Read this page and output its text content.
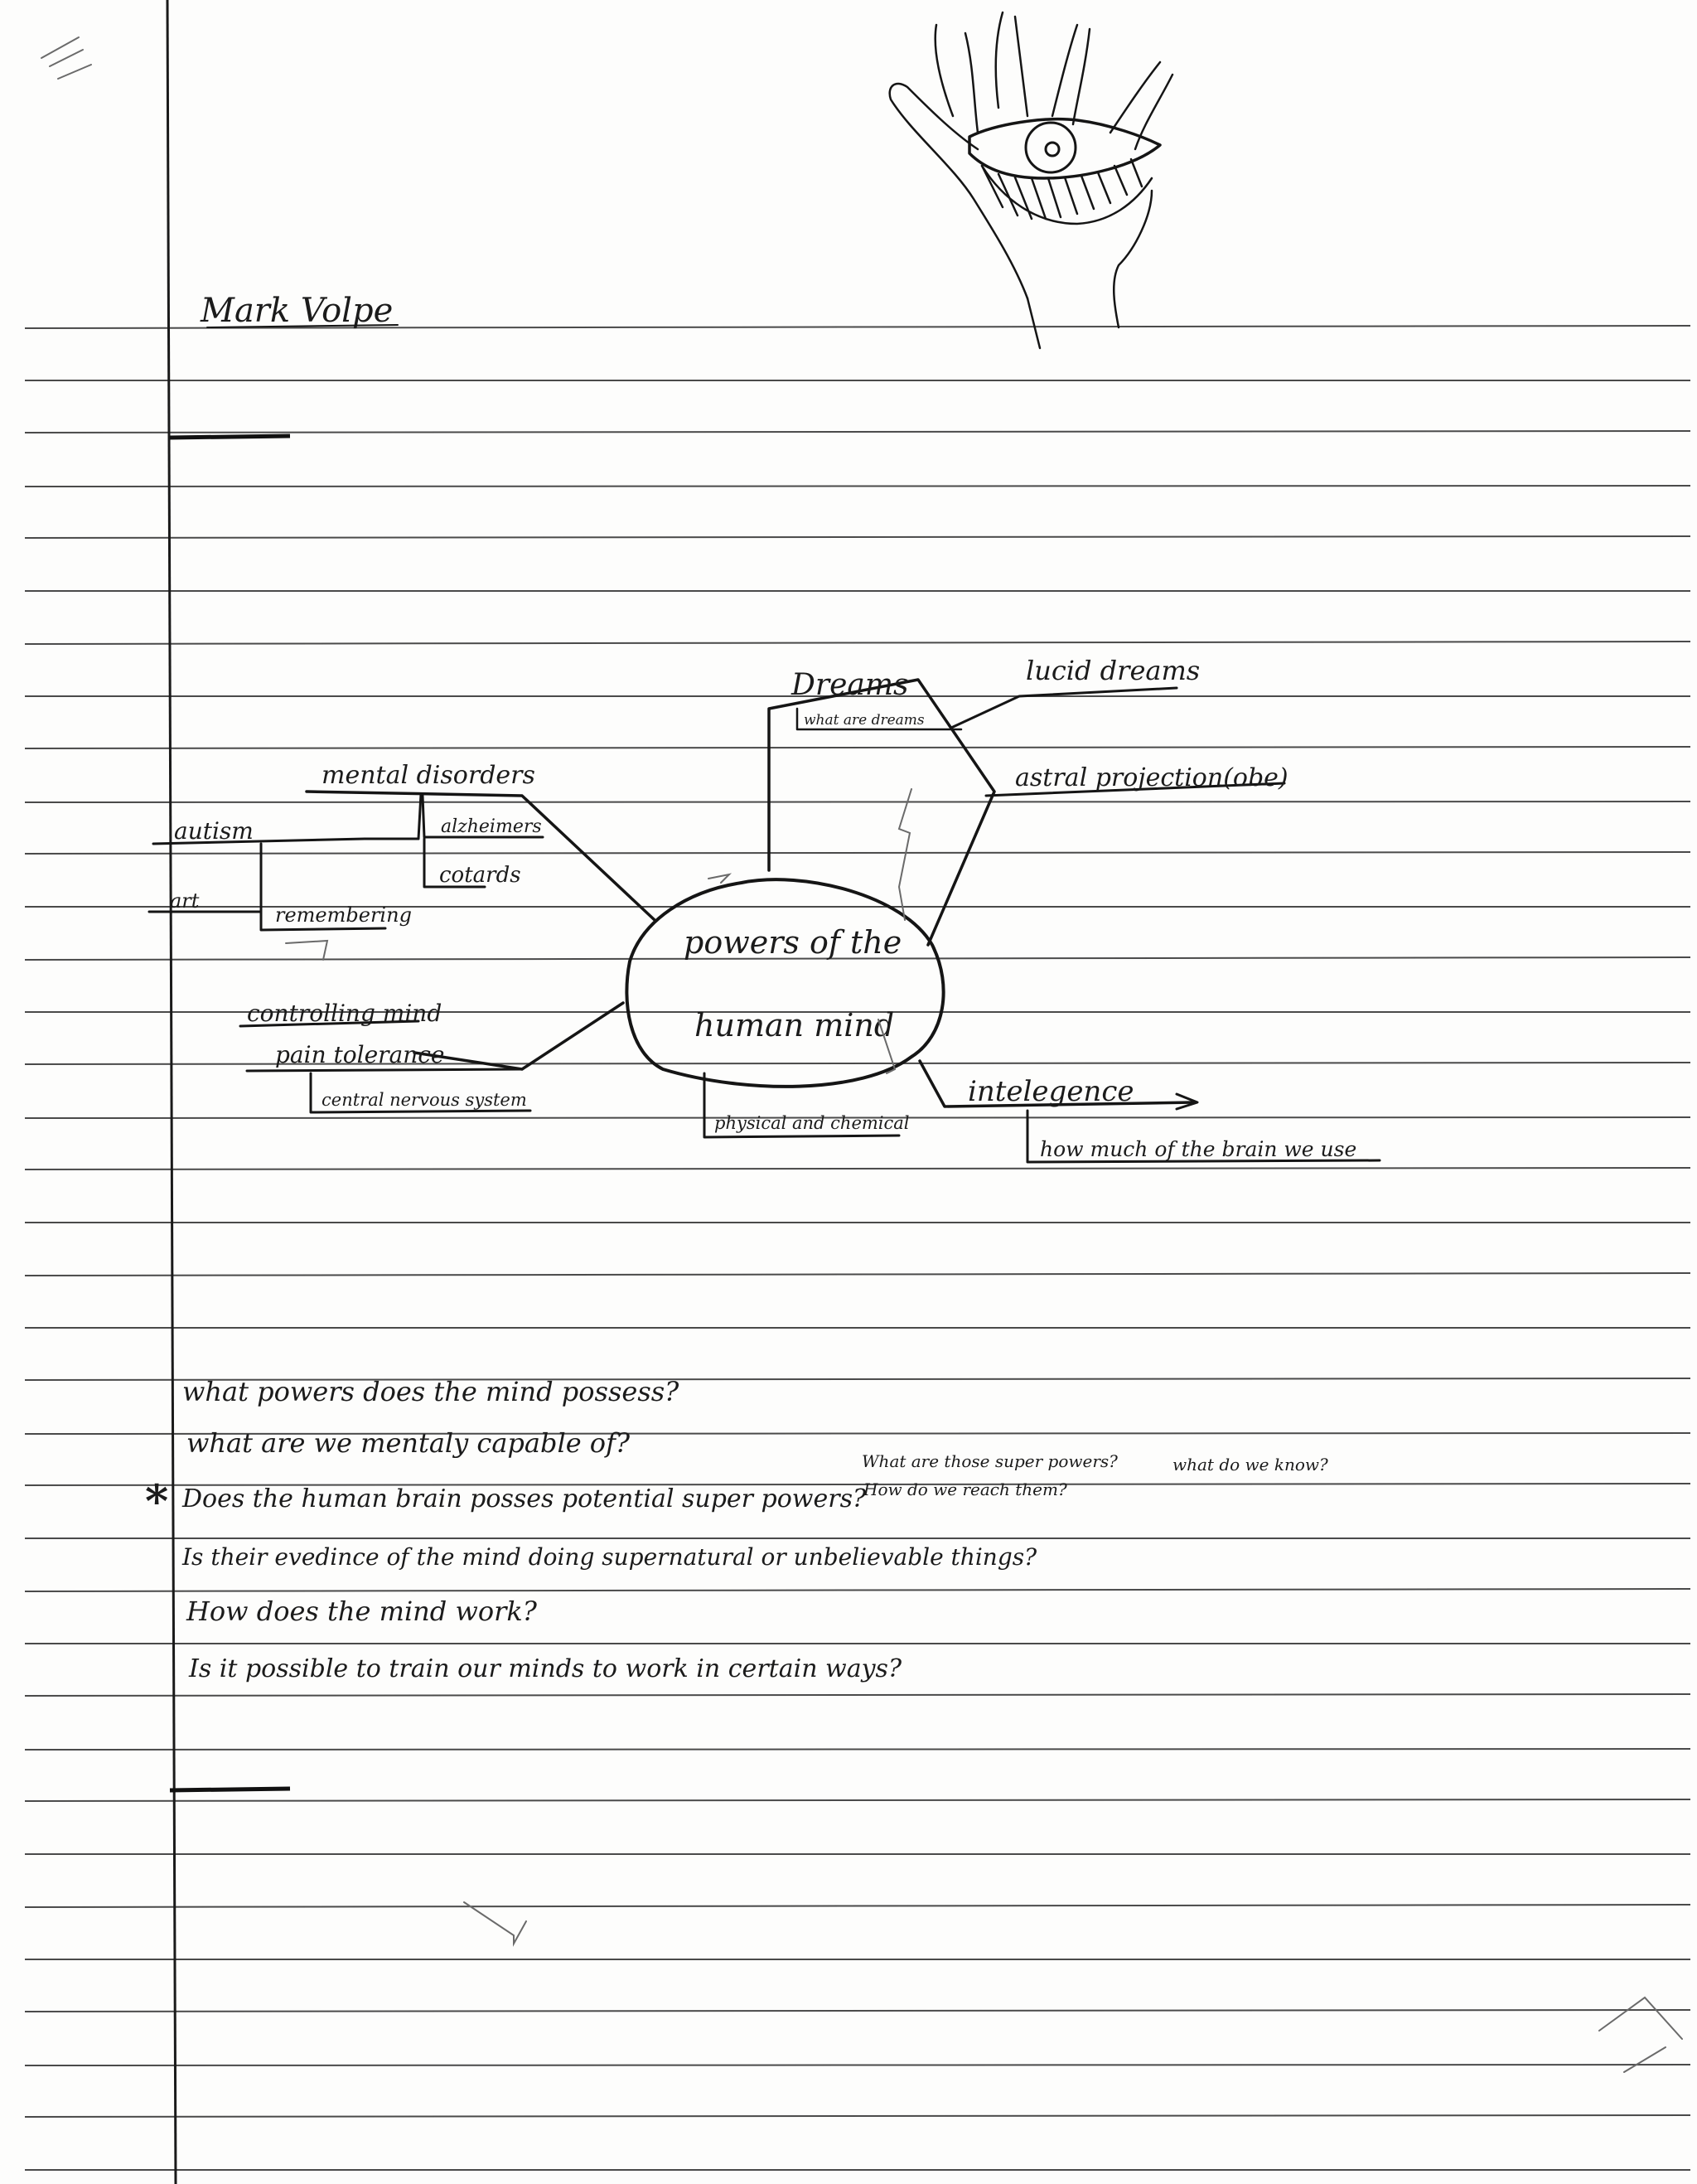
Mark Volpe
powers of the
human mind
Dreams
what are dreams
lucid dreams
astral projection(obe)
mental disorders
autism	alzheimers
cotards
art
remembering
controlling mind
pain tolerance
central nervous system
physical and chemical
intelegence
how much of the brain we use
what powers does the mind possess?
what are we mentaly capable of?
* Does the human brain posses potential super powers?
What are those super powers?	what do we know?
How do we reach them?
Is their evedince of the mind doing supernatural or unbelievable things?
How does the mind work?
Is it possible to train our minds to work in certain ways?
